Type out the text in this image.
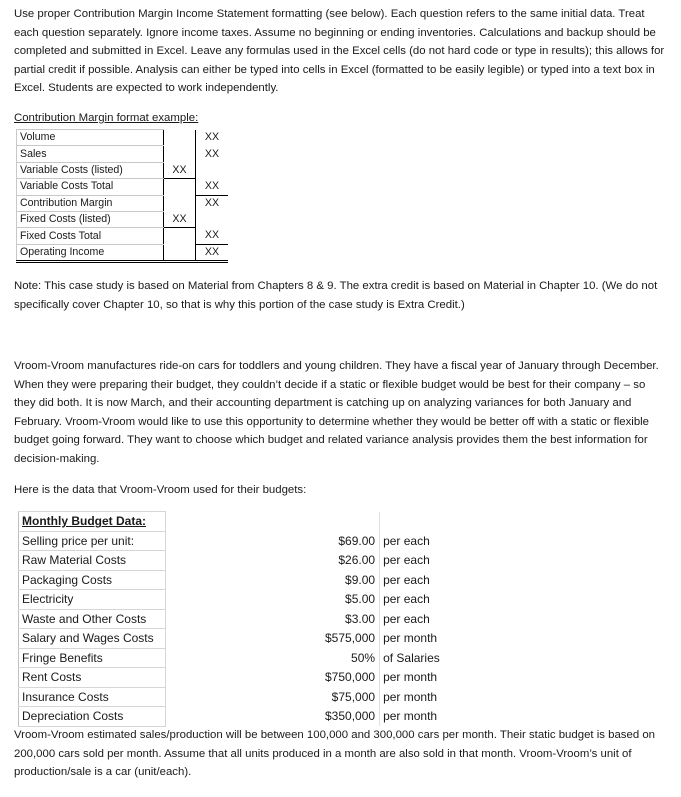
Use proper Contribution Margin Income Statement formatting (see below). Each question refers to the same initial data. Treat each question separately. Ignore income taxes. Assume no beginning or ending inventories. Calculations and backup should be completed and submitted in Excel. Leave any formulas used in the Excel cells (do not hard code or type in results); this allows for partial credit if possible. Analysis can either be typed into cells in Excel (formatted to be easily legible) or typed into a text box in Excel. Students are expected to work independently.

Contribution Margin format example:

Volume		XX
Sales		XX
Variable Costs (listed)	XX	
Variable Costs Total		XX
Contribution Margin		XX
Fixed Costs (listed)	XX	
Fixed Costs Total		XX
Operating Income		XX

Note: This case study is based on Material from Chapters 8 & 9. The extra credit is based on Material in Chapter 10. (We do not specifically cover Chapter 10, so that is why this portion of the case study is Extra Credit.)

Vroom-Vroom manufactures ride-on cars for toddlers and young children. They have a fiscal year of January through December. When they were preparing their budget, they couldn’t decide if a static or flexible budget would be best for their company – so they did both. It is now March, and their accounting department is catching up on analyzing variances for both January and February. Vroom-Vroom would like to use this opportunity to determine whether they would be better off with a static or flexible budget going forward. They want to choose which budget and related variance analysis provides them the best information for decision-making.

Here is the data that Vroom-Vroom used for their budgets:

Monthly Budget Data:			
Selling price per unit:		$69.00	per each
Raw Material Costs		$26.00	per each
Packaging Costs		$9.00	per each
Electricity		$5.00	per each
Waste and Other Costs		$3.00	per each
Salary and Wages Costs		$575,000	per month
Fringe Benefits		50%	of Salaries
Rent Costs		$750,000	per month
Insurance Costs		$75,000	per month
Depreciation Costs		$350,000	per month

Vroom-Vroom estimated sales/production will be between 100,000 and 300,000 cars per month. Their static budget is based on 200,000 cars sold per month. Assume that all units produced in a month are also sold in that month. Vroom-Vroom’s unit of production/sale is a car (unit/each).
